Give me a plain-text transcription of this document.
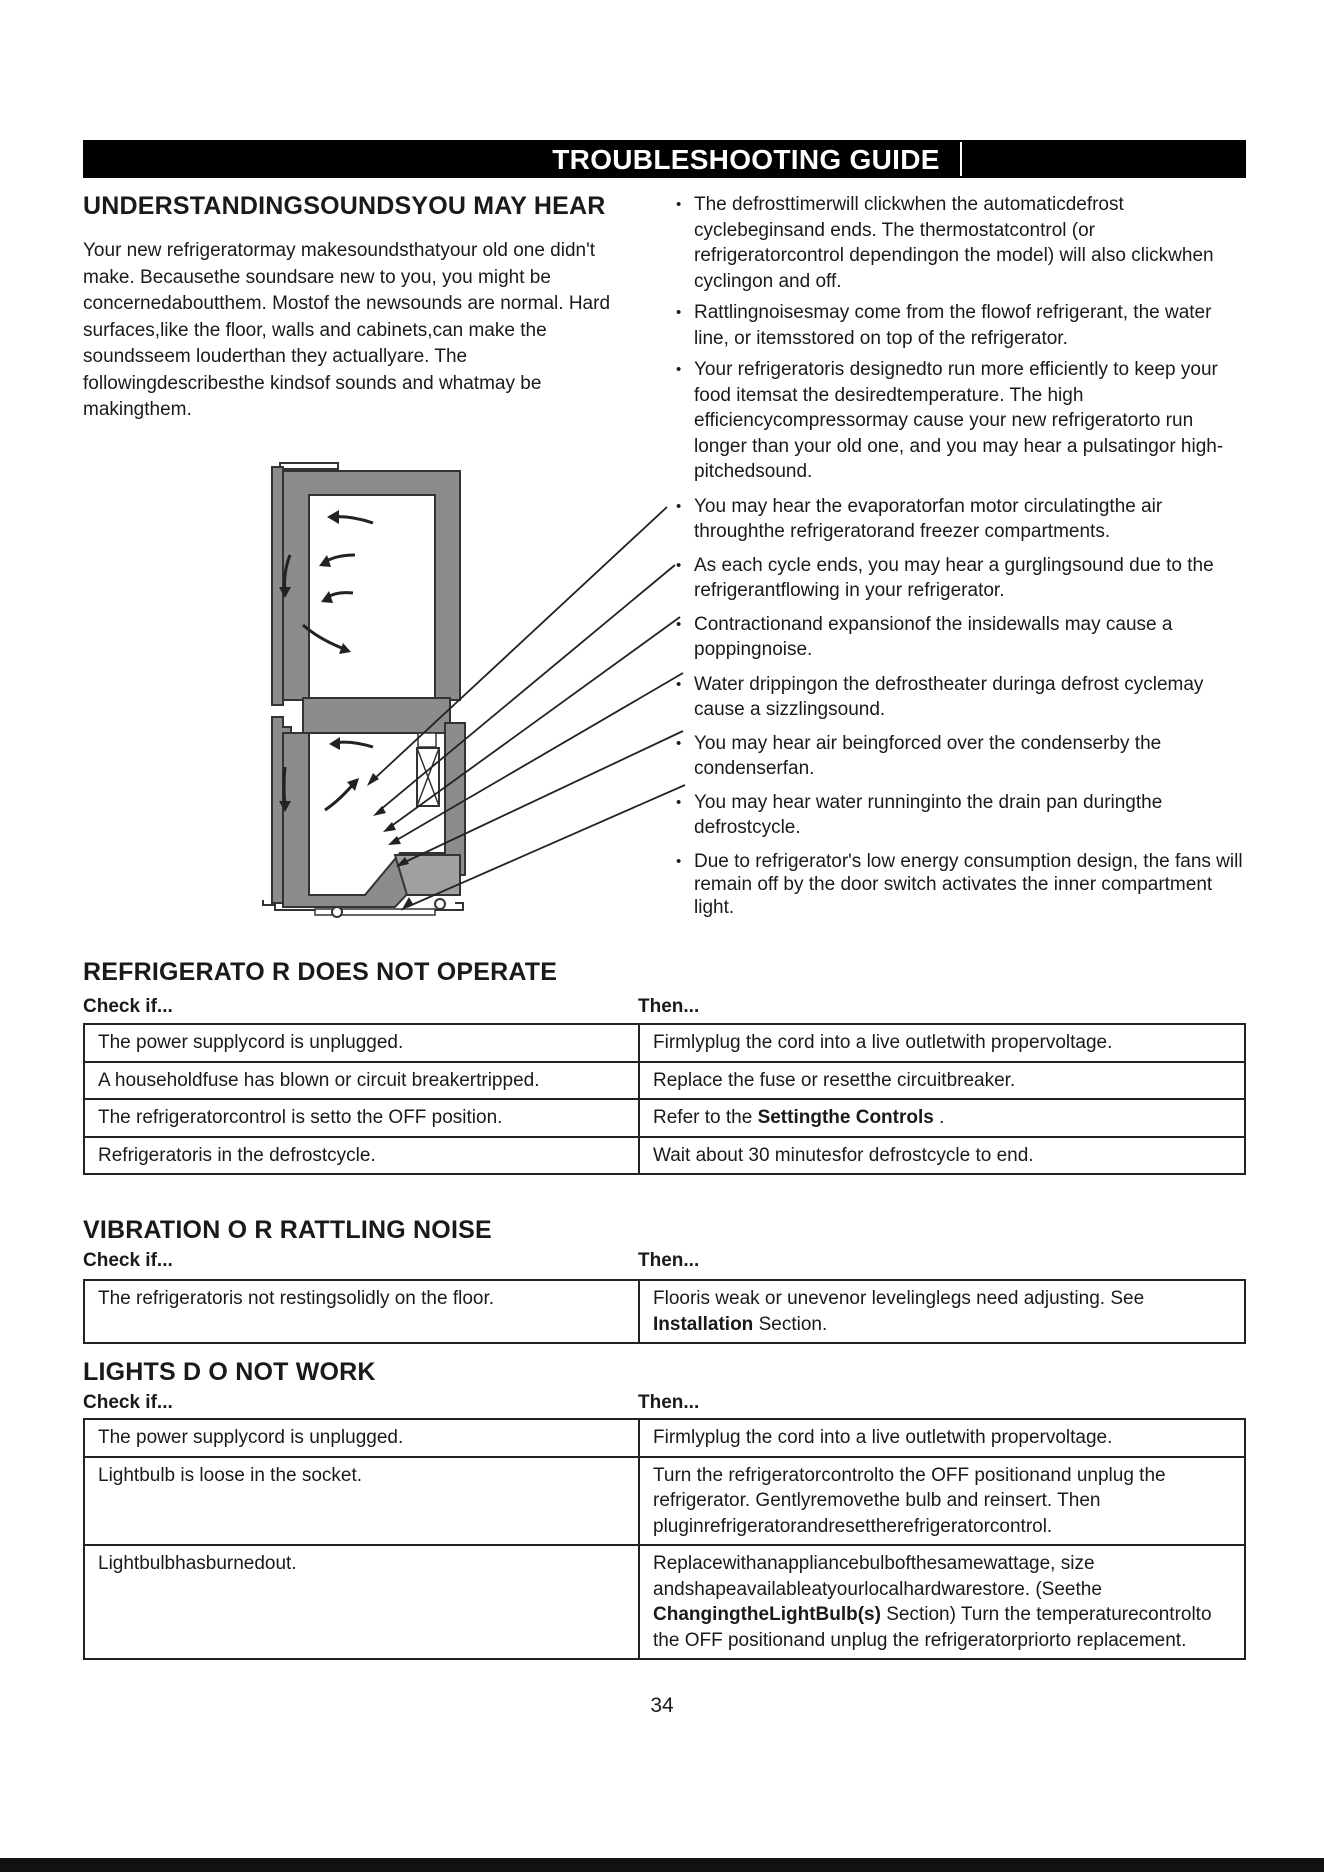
TROUBLESHOOTING GUIDE
UNDERSTANDINGSOUNDSYOU MAY HEAR
Your new refrigeratormay makesoundsthatyour old one didn't make. Becausethe soundsare new to you, you might be concernedaboutthem. Mostof the newsounds are normal. Hard surfaces,like the floor, walls and cabinets,can make the soundsseem louderthan they actuallyare. The followingdescribesthe kindsof sounds and whatmay be makingthem.
• The defrosttimerwill clickwhen the automaticdefrost cyclebeginsand ends. The thermostatcontrol (or refrigeratorcontrol dependingon the model) will also clickwhen cyclingon and off.
• Rattlingnoisesmay come from the flowof refrigerant, the water line, or itemsstored on top of the refrigerator.
• Your refrigeratoris designedto run more efficiently to keep your food itemsat the desiredtemperature. The high efficiencycompressormay cause your new refrigeratorto run longer than your old one, and you may hear a pulsatingor high-pitchedsound.
• You may hear the evaporatorfan motor circulatingthe air throughthe refrigeratorand freezer compartments.
• As each cycle ends, you may hear a gurglingsound due to the refrigerantflowing in your refrigerator.
• Contractionand expansionof the insidewalls may cause a poppingnoise.
• Water drippingon the defrostheater duringa defrost cyclemay cause a sizzlingsound.
• You may hear air beingforced over the condenserby the condenserfan.
• You may hear water runninginto the drain pan duringthe defrostcycle.
• Due to refrigerator's low energy consumption design, the fans will remain off by the door switch activates the inner compartment light.
REFRIGERATO R DOES NOT OPERATE
Check if...	Then...
The power supplycord is unplugged.	Firmlyplug the cord into a live outletwith propervoltage.
A householdfuse has blown or circuit breakertripped.	Replace the fuse or resetthe circuitbreaker.
The refrigeratorcontrol is setto the OFF position.	Refer to the Settingthe Controls .
Refrigeratoris in the defrostcycle.	Wait about 30 minutesfor defrostcycle to end.
VIBRATION O R RATTLING NOISE
Check if...	Then...
The refrigeratoris not restingsolidly on the floor.	Flooris weak or unevenor levelinglegs need adjusting. See Installation Section.
LIGHTS D O NOT WORK
Check if...	Then...
The power supplycord is unplugged.	Firmlyplug the cord into a live outletwith propervoltage.
Lightbulb is loose in the socket.	Turn the refrigeratorcontrolto the OFF positionand unplug the refrigerator. Gentlyremovethe bulb and reinsert. Then pluginrefrigeratorandresettherefrigeratorcontrol.
Lightbulbhasburnedout.	Replacewithanappliancebulbofthesamewattage, size andshapeavailableatyourlocalhardwarestore. (Seethe ChangingtheLightBulb(s) Section) Turn the temperaturecontrolto the OFF positionand unplug the refrigeratorpriorto replacement.
34
